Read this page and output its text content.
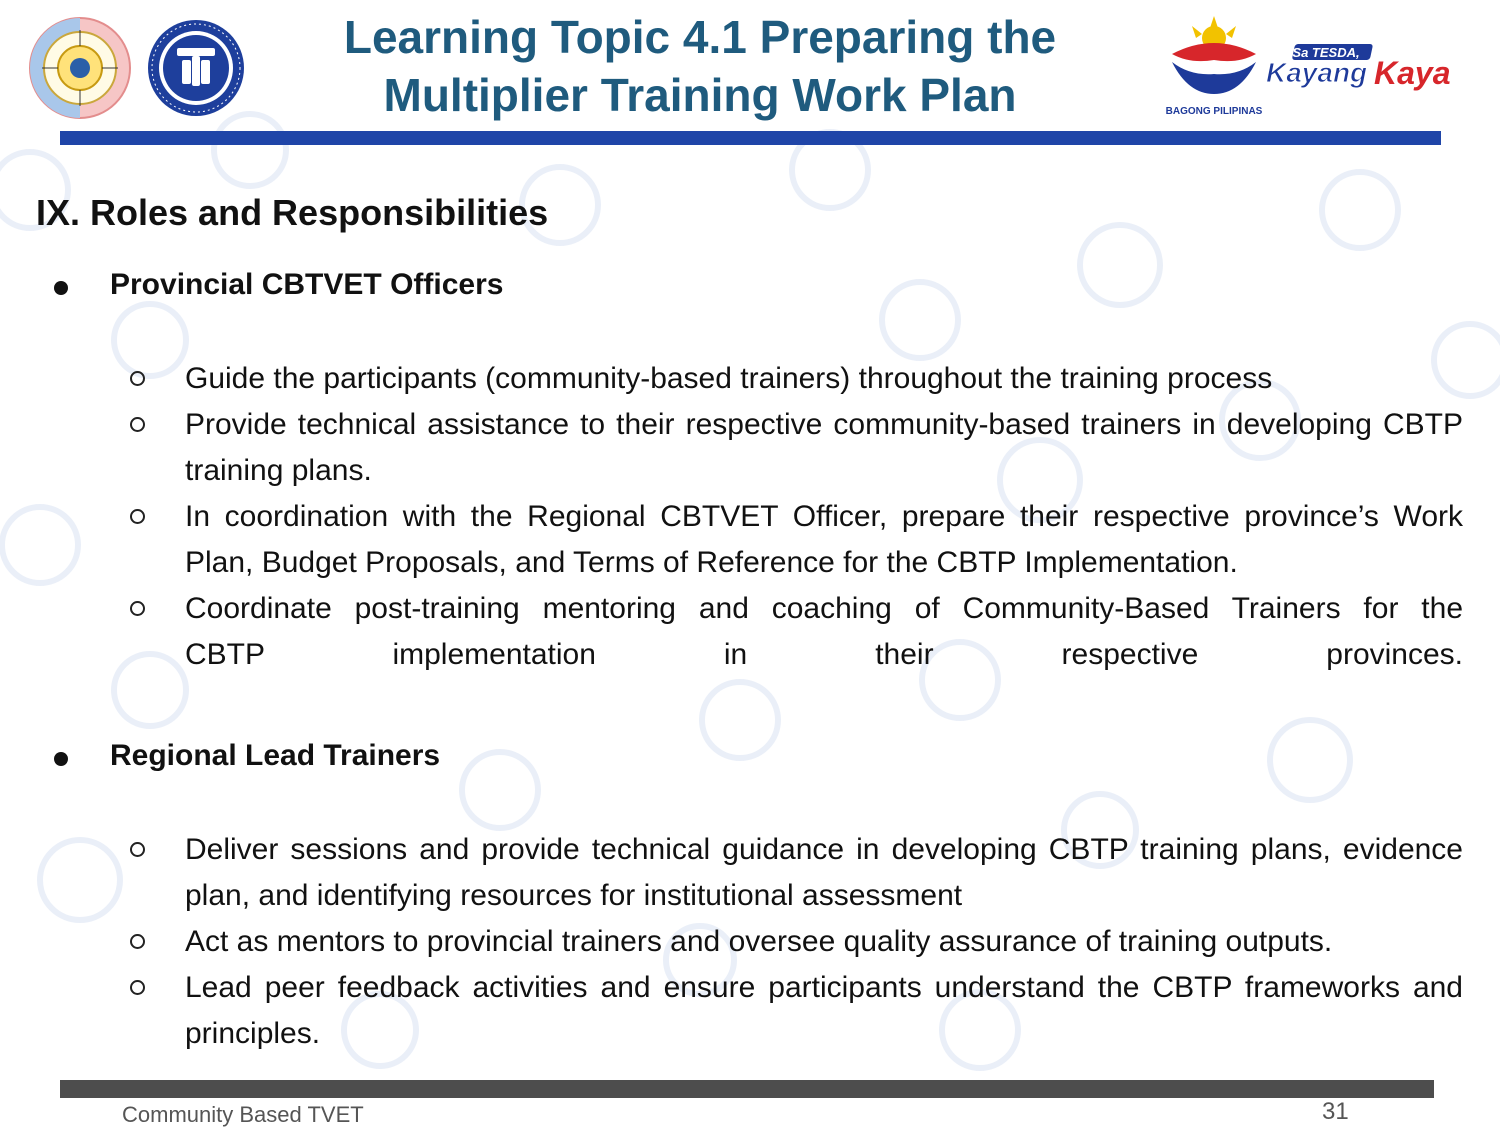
Learning Topic 4.1 Preparing the
Multiplier Training Work Plan	BAGONG PILIPINAS
Sa TESDA,
Kayang Kaya
IX. Roles and Responsibilities
Provincial CBTVET Officers
Guide the participants (community-based trainers) throughout the training process
Provide technical assistance to their respective community-based trainers in developing CBTP training plans.
In coordination with the Regional CBTVET Officer, prepare their respective province’s Work Plan, Budget Proposals, and Terms of Reference for the CBTP Implementation.
Coordinate post-training mentoring and coaching of Community-Based Trainers for the
CBTP implementation in their respective provinces.
Regional Lead Trainers
Deliver sessions and provide technical guidance in developing CBTP training plans, evidence plan, and identifying resources for institutional assessment
Act as mentors to provincial trainers and oversee quality assurance of training outputs.
Lead peer feedback activities and ensure participants understand the CBTP frameworks and principles.
Community Based TVET	31
